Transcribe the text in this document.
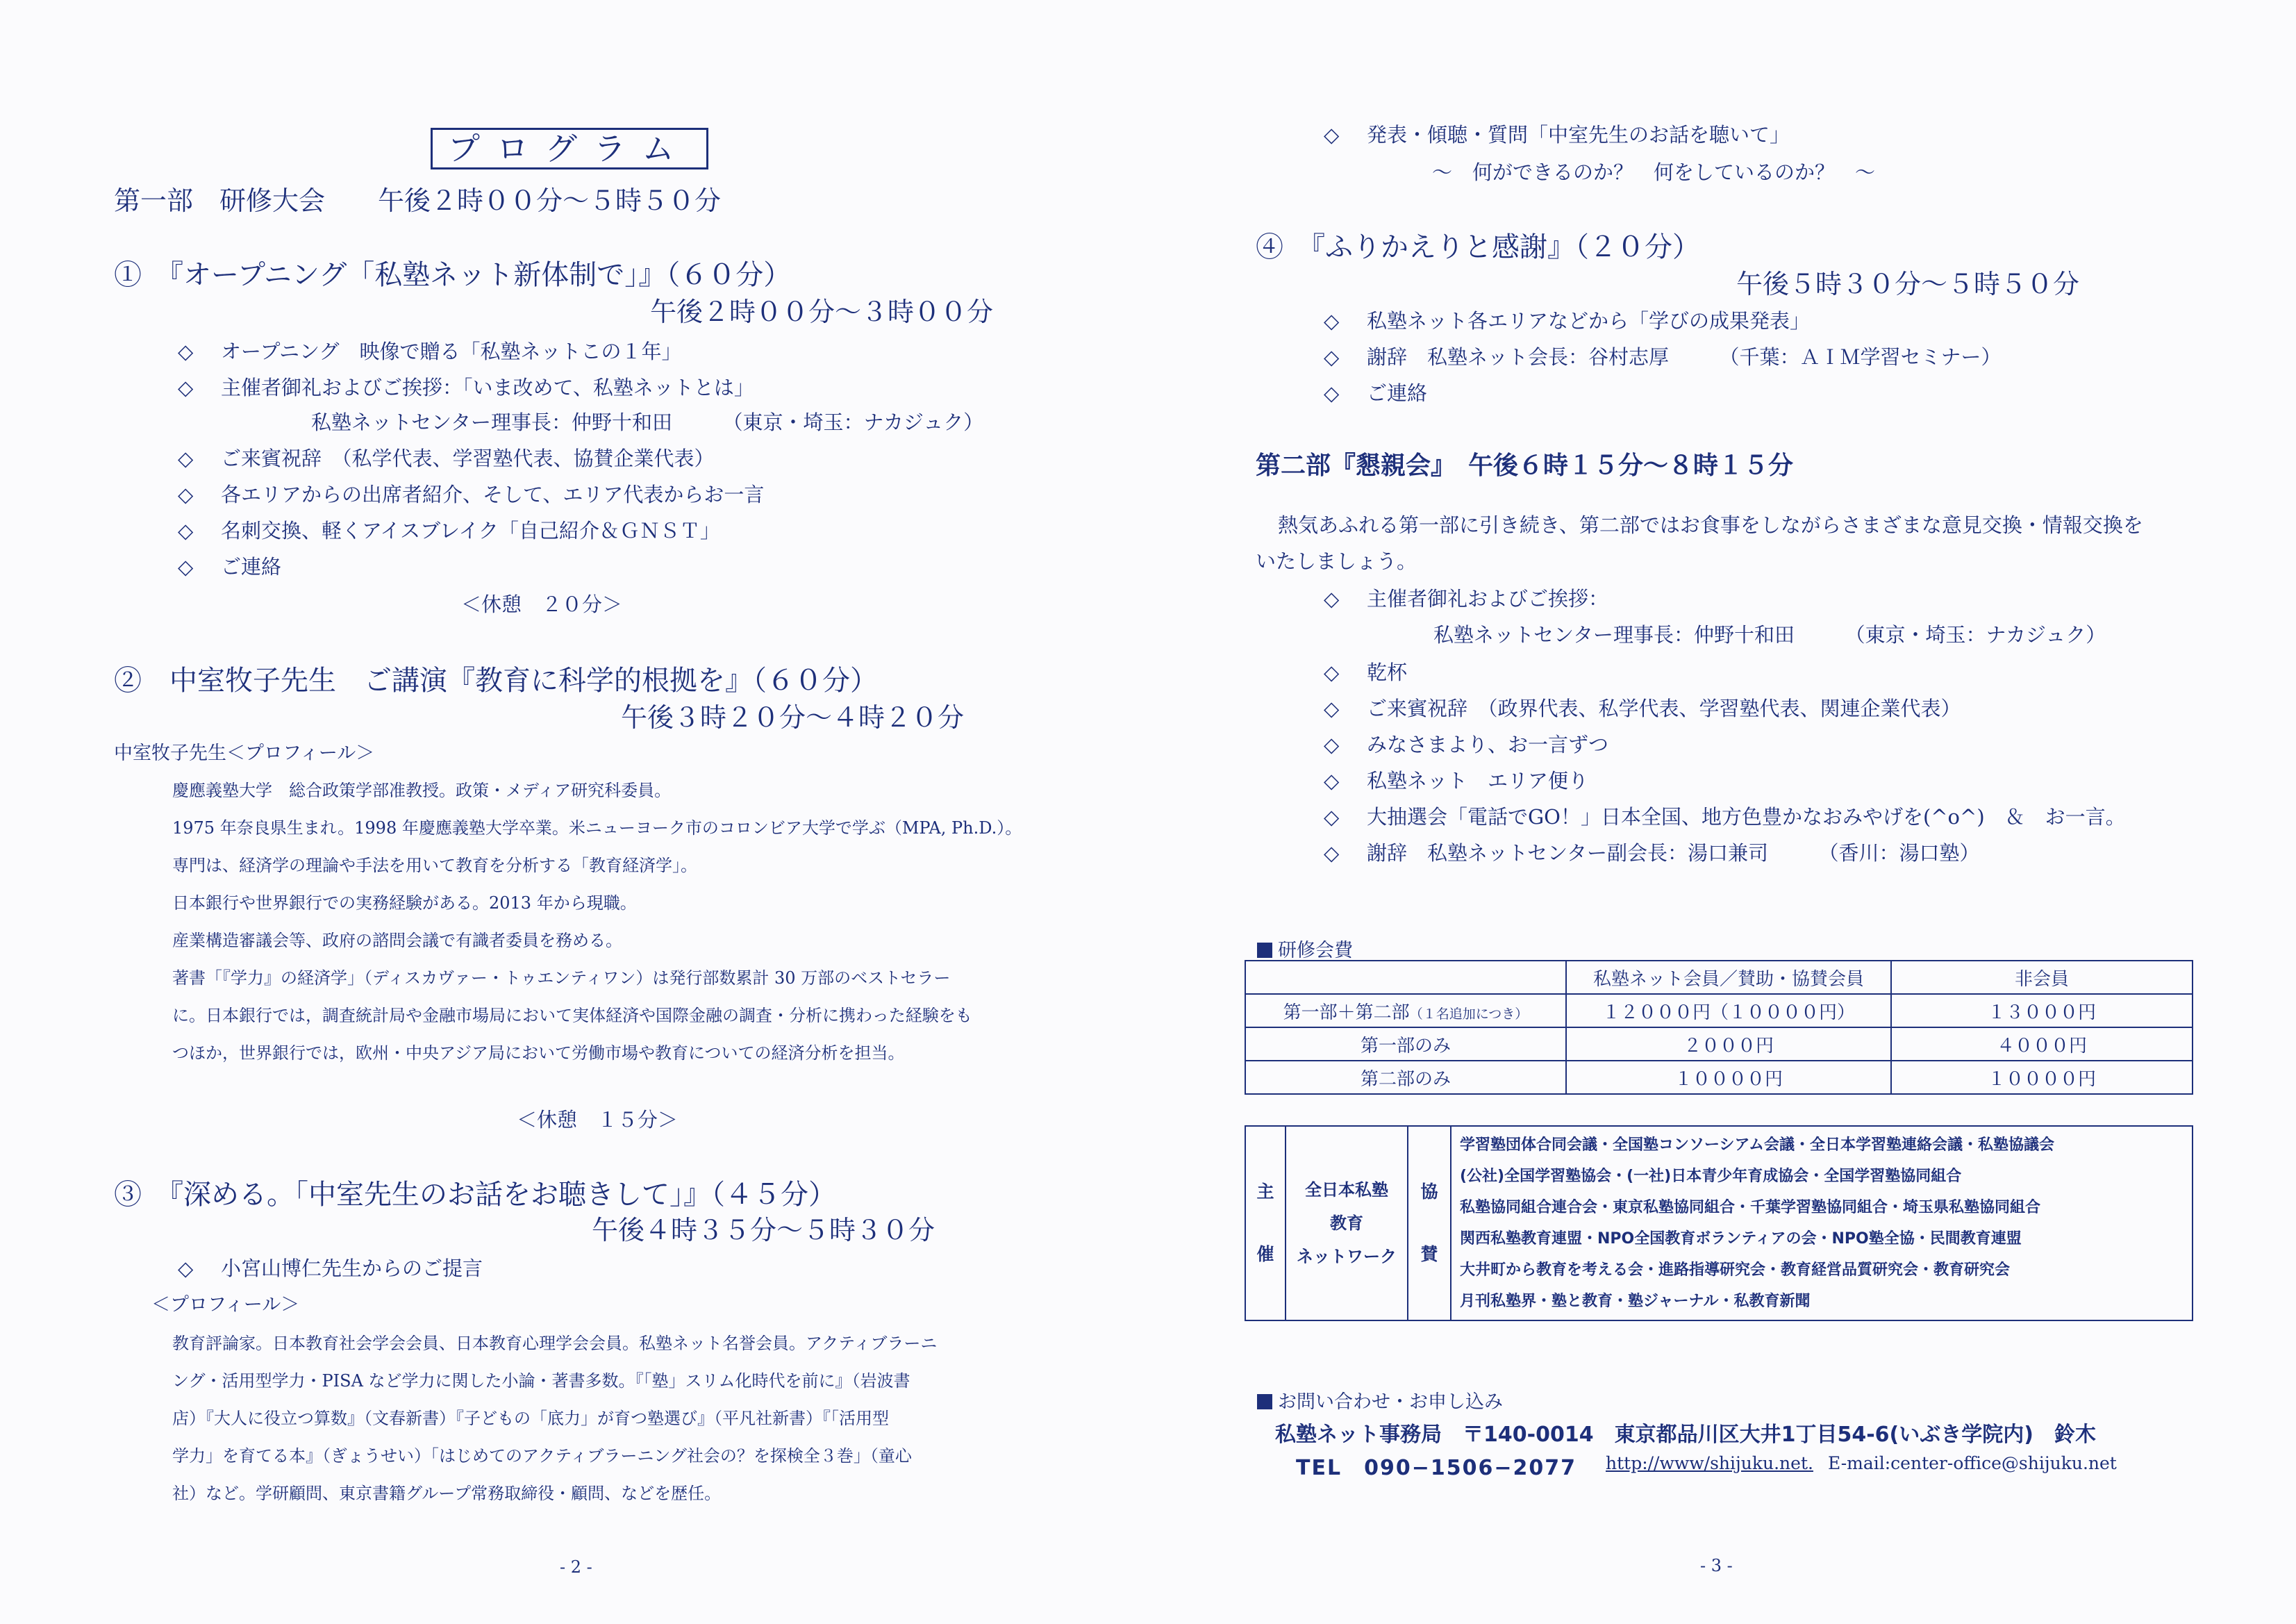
プログラム
第一部　研修大会　　午後２時００分～５時５０分
①　『オープニング「私塾ネット新体制で」』（６０分）
午後２時００分～３時００分
◇ オープニング　映像で贈る「私塾ネットこの１年」
◇ 主催者御礼およびご挨拶：「いま改めて、私塾ネットとは」
私塾ネットセンター理事長：仲野十和田　　　（東京・埼玉：ナカジュク）
◇ ご来賓祝辞　（私学代表、学習塾代表、協賛企業代表）
◇ 各エリアからの出席者紹介、そして、エリア代表からお一言
◇ 名刺交換、軽くアイスブレイク「自己紹介＆ＧＮＳＴ」
◇ ご連絡
＜休憩　２０分＞
②　中室牧子先生　ご講演『教育に科学的根拠を』（６０分）
午後３時２０分～４時２０分
中室牧子先生＜プロフィール＞
慶應義塾大学　総合政策学部准教授。政策・メディア研究科委員。
1975 年奈良県生まれ。1998 年慶應義塾大学卒業。米ニューヨーク市のコロンビア大学で学ぶ（MPA, Ph.D.）。
専門は、経済学の理論や手法を用いて教育を分析する「教育経済学」。
日本銀行や世界銀行での実務経験がある。2013 年から現職。
産業構造審議会等、政府の諮問会議で有識者委員を務める。
著書「『学力』の経済学」（ディスカヴァー・トゥエンティワン）は発行部数累計 30 万部のベストセラー
に。日本銀行では，調査統計局や金融市場局において実体経済や国際金融の調査・分析に携わった経験をも
つほか，世界銀行では，欧州・中央アジア局において労働市場や教育についての経済分析を担当。
＜休憩　１５分＞
③　『深める。「中室先生のお話をお聴きして」』（４５分）
午後４時３５分～５時３０分
◇ 小宮山博仁先生からのご提言
＜プロフィール＞
教育評論家。日本教育社会学会会員、日本教育心理学会会員。私塾ネット名誉会員。アクティブラーニ
ング・活用型学力・PISA など学力に関した小論・著書多数。『「塾」スリム化時代を前に』（岩波書
店）『大人に役立つ算数』（文春新書）『子どもの「底力」が育つ塾選び』（平凡社新書）『「活用型
学力」を育てる本』（ぎょうせい）「はじめてのアクティブラーニング社会の？を探検全３巻」（童心
社）など。学研顧問、東京書籍グループ常務取締役・顧問、などを歴任。
- 2 -
◇ 発表・傾聴・質問「中室先生のお話を聴いて」
～　何ができるのか？　何をしているのか？　～
④　『ふりかえりと感謝』（２０分）
午後５時３０分～５時５０分
◇ 私塾ネット各エリアなどから「学びの成果発表」
◇ 謝辞　私塾ネット会長：谷村志厚　　　（千葉：ＡＩＭ学習セミナー）
◇ ご連絡
第二部『懇親会』　午後６時１５分～８時１５分
熱気あふれる第一部に引き続き、第二部ではお食事をしながらさまざまな意見交換・情報交換を
いたしましょう。
◇ 主催者御礼およびご挨拶：
私塾ネットセンター理事長：仲野十和田　　　（東京・埼玉：ナカジュク）
◇ 乾杯
◇ ご来賓祝辞　（政界代表、私学代表、学習塾代表、関連企業代表）
◇ みなさまより、お一言ずつ
◇ 私塾ネット　エリア便り
◇ 大抽選会「電話でGO！」日本全国、地方色豊かなおみやげを(^o^)　＆　お一言。
◇ 謝辞　私塾ネットセンター副会長：湯口兼司　　　（香川：湯口塾）
研修会費
	私塾ネット会員／賛助・協賛会員	非会員
第一部＋第二部（１名追加につき）	１２０００円（１００００円）	１３０００円
第一部のみ	２０００円	４０００円
第二部のみ	１００００円	１００００円
主
催

全日本私塾
教育
ネットワーク

協
賛

学習塾団体合同会議・全国塾コンソーシアム会議・全日本学習塾連絡会議・私塾協議会
(公社)全国学習塾協会・(一社)日本青少年育成協会・全国学習塾協同組合
私塾協同組合連合会・東京私塾協同組合・千葉学習塾協同組合・埼玉県私塾協同組合
関西私塾教育連盟・NPO全国教育ボランティアの会・NPO塾全協・民間教育連盟
大井町から教育を考える会・進路指導研究会・教育経営品質研究会・教育研究会
月刊私塾界・塾と教育・塾ジャーナル・私教育新聞
お問い合わせ・お申し込み
私塾ネット事務局　〒140-0014　東京都品川区大井1丁目54-6(いぶき学院内)　鈴木
TEL　090−1506−2077 http://www/shijuku.net. E-mail:center-office@shijuku.net
- 3 -
